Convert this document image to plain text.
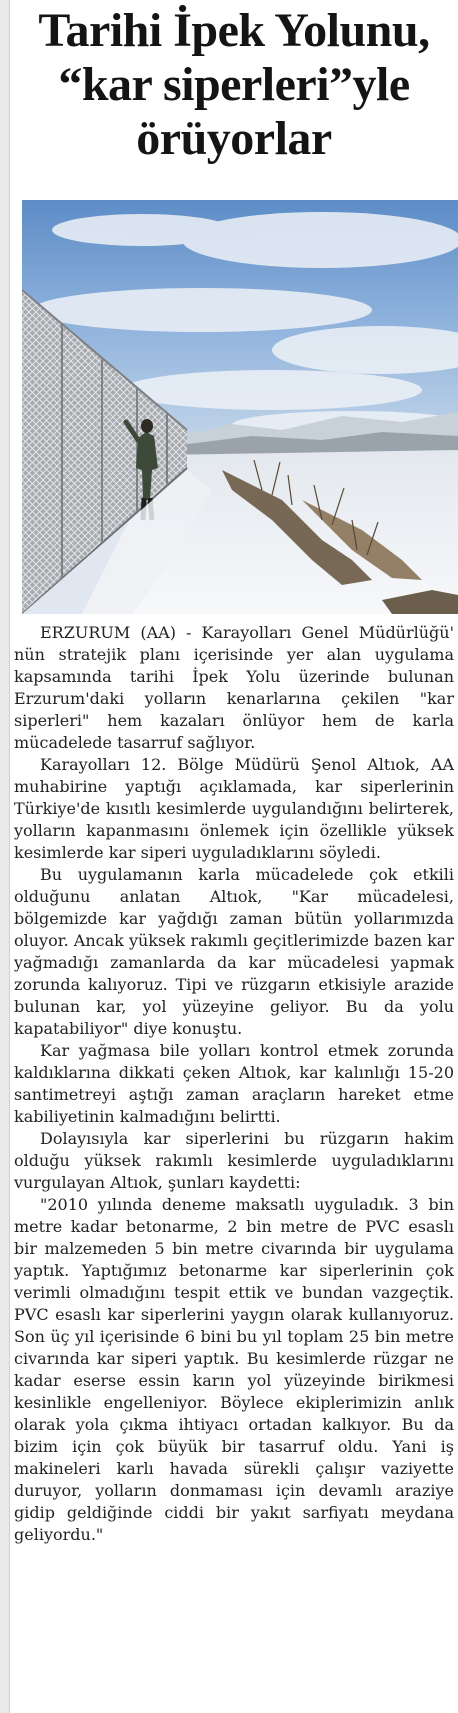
Tarihi İpek Yolunu,
“kar siperleri”yle
örüyorlar

ERZURUM (AA) - Karayolları Genel Müdürlüğü' nün stratejik planı içerisinde yer alan uygulama kapsamında tarihi İpek Yolu üzerinde bulunan Erzurum'daki yolların kenarlarına çekilen "kar siperleri" hem kazaları önlüyor hem de karla mücadelede tasarruf sağlıyor.

Karayolları 12. Bölge Müdürü Şenol Altıok, AA muhabirine yaptığı açıklamada, kar siperlerinin Türkiye'de kısıtlı kesimlerde uygulandığını belirterek, yolların kapanmasını önlemek için özellikle yüksek kesimlerde kar siperi uyguladıklarını söyledi.

Bu uygulamanın karla mücadelede çok etkili olduğunu anlatan Altıok, "Kar mücadelesi, bölgemizde kar yağdığı zaman bütün yollarımızda oluyor. Ancak yüksek rakımlı geçitlerimizde bazen kar yağmadığı zamanlarda da kar mücadelesi yapmak zorunda kalıyoruz. Tipi ve rüzgarın etkisiyle arazide bulunan kar, yol yüzeyine geliyor. Bu da yolu kapatabiliyor" diye konuştu.

Kar yağmasa bile yolları kontrol etmek zorunda kaldıklarına dikkati çeken Altıok, kar kalınlığı 15-20 santimetreyi aştığı zaman araçların hareket etme kabiliyetinin kalmadığını belirtti.

Dolayısıyla kar siperlerini bu rüzgarın hakim olduğu yüksek rakımlı kesimlerde uyguladıklarını vurgulayan Altıok, şunları kaydetti:

"2010 yılında deneme maksatlı uyguladık. 3 bin metre kadar betonarme, 2 bin metre de PVC esaslı bir malzemeden 5 bin metre civarında bir uygulama yaptık. Yaptığımız betonarme kar siperlerinin çok verimli olmadığını tespit ettik ve bundan vazgeçtik. PVC esaslı kar siperlerini yaygın olarak kullanıyoruz. Son üç yıl içerisinde 6 bini bu yıl toplam 25 bin metre civarında kar siperi yaptık. Bu kesimlerde rüzgar ne kadar eserse essin karın yol yüzeyinde birikmesi kesinlikle engelleniyor. Böylece ekiplerimizin anlık olarak yola çıkma ihtiyacı ortadan kalkıyor. Bu da bizim için çok büyük bir tasarruf oldu. Yani iş makineleri karlı havada sürekli çalışır vaziyette duruyor, yolların donmaması için devamlı araziye gidip geldiğinde ciddi bir yakıt sarfiyatı meydana geliyordu."
